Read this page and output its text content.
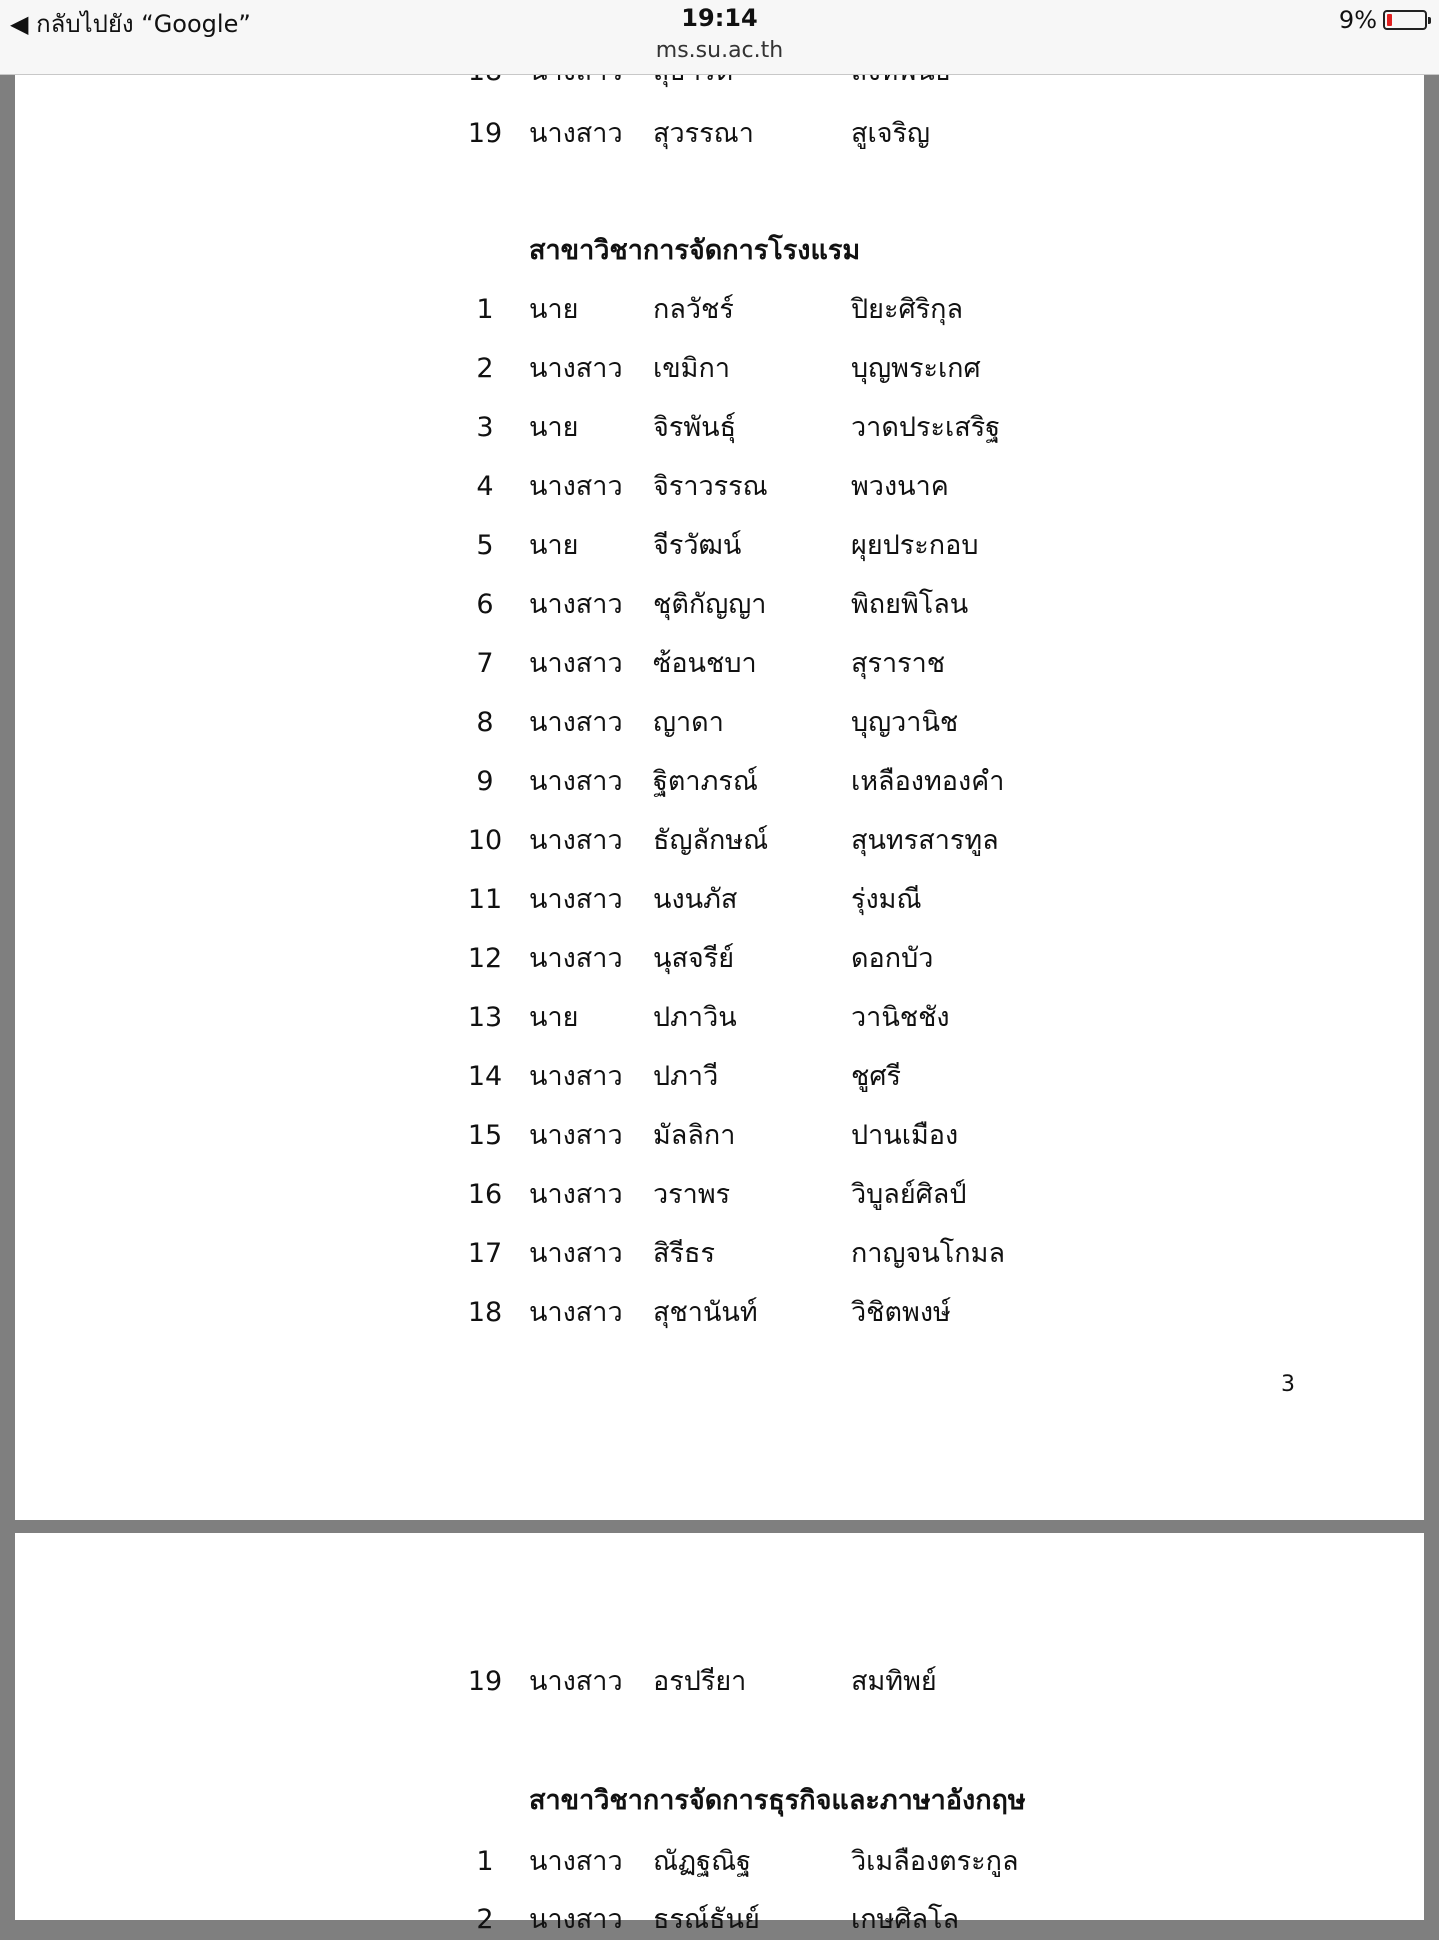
◀ กลับไปยัง “Google”	19:14
ms.su.ac.th
9%
19 นางสาว สุวรรณา	สูเจริญ
สาขาวิชาการจัดการโรงแรม
1	นาย	กลวัชร์	ปิยะศิริกุล
2	นางสาว เขมิกา	บุญพระเกศ
3	นาย	จิรพันธุ์	วาดประเสริฐ
4	นางสาว จิราวรรณ	พวงนาค
5	นาย	จีรวัฒน์	ผุยประกอบ
6	นางสาว ชุติกัญญา	พิถยพิโลน
7	นางสาว ซ้อนชบา	สุราราช
8	นางสาว ญาดา	บุญวานิช
9	นางสาว ฐิตาภรณ์	เหลืองทองคำ
10 นางสาว ธัญลักษณ์	สุนทรสารทูล
11 นางสาว นงนภัส	รุ่งมณี
12 นางสาว นุสจรีย์	ดอกบัว
13 นาย	ปภาวิน	วานิชชัง
14 นางสาว ปภาวี	ชูศรี
15 นางสาว มัลลิกา	ปานเมือง
16 นางสาว วราพร	วิบูลย์ศิลป์
17 นางสาว สิรีธร	กาญจนโกมล
18 นางสาว สุชานันท์	วิชิตพงษ์
3
19 นางสาว อรปรียา	สมทิพย์
สาขาวิชาการจัดการธุรกิจและภาษาอังกฤษ
1	นางสาว ณัฏฐณิฐ	วิเมลืองตระกูล
2	นางสาว ธรณ์ธันย์	เกษศิลโล
